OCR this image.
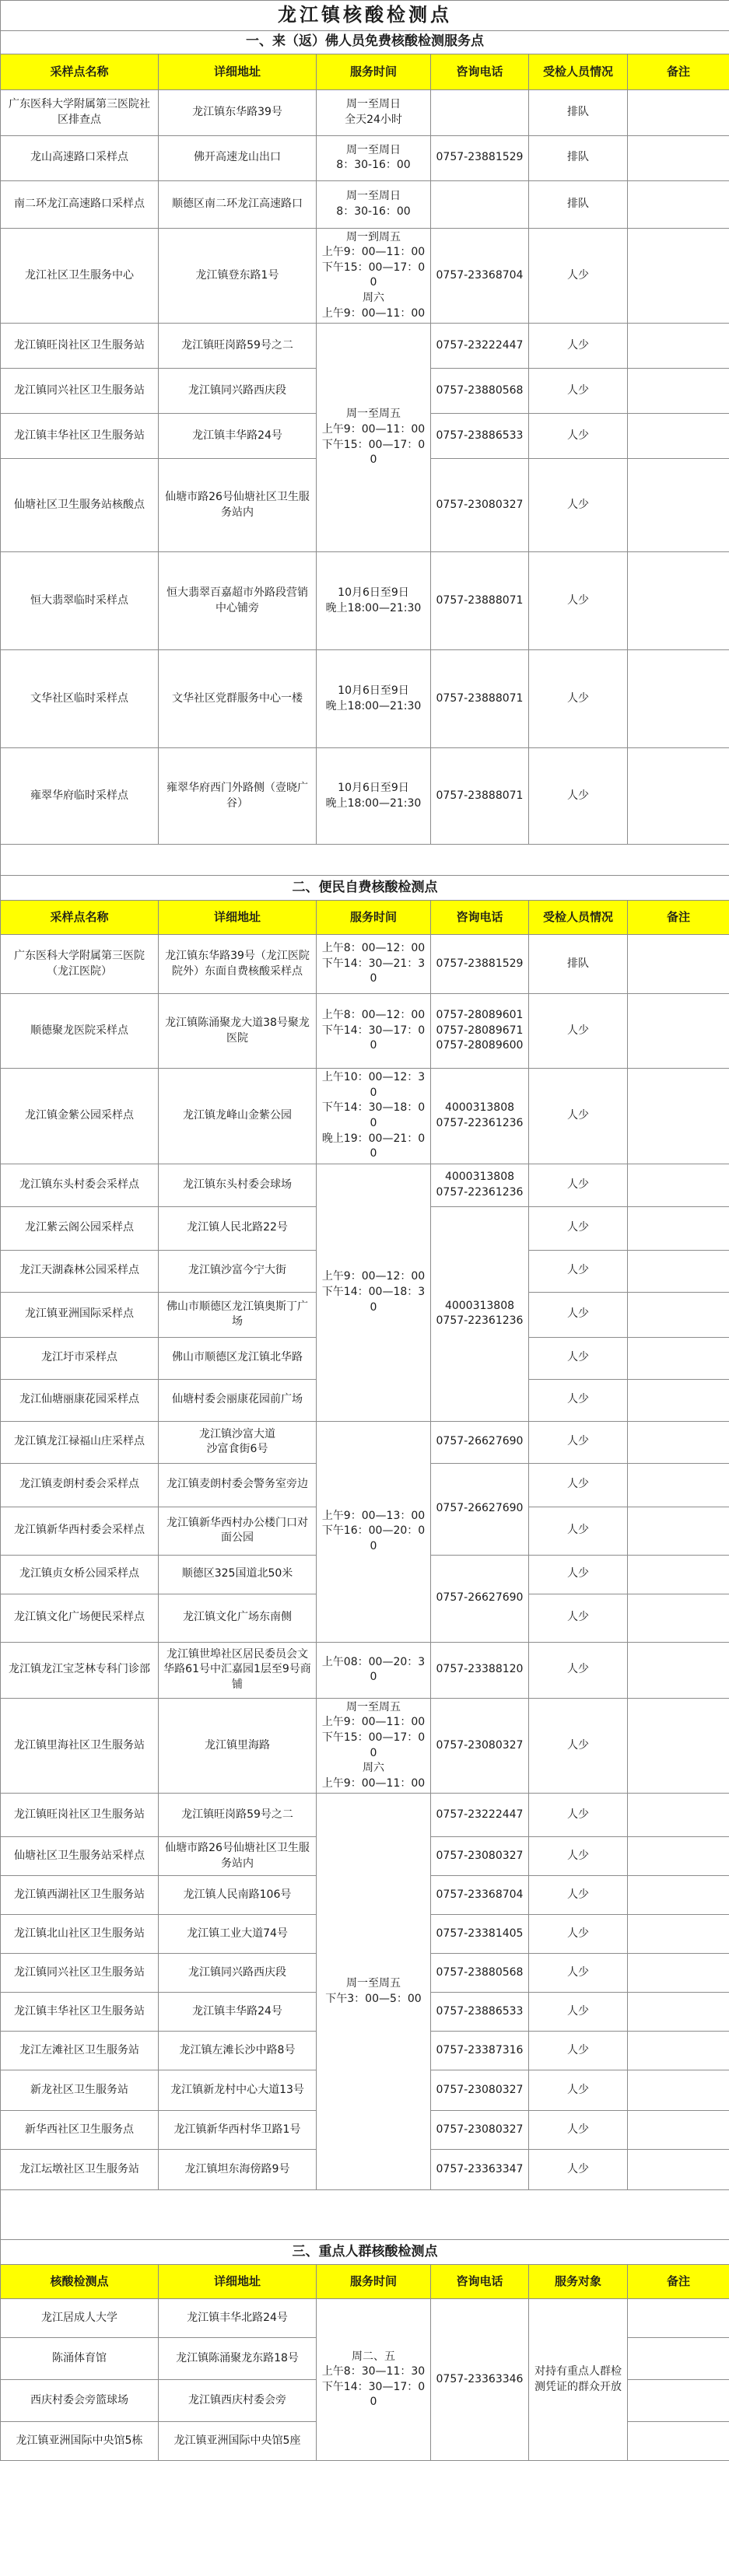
龙江镇核酸检测点					
一、来（返）佛人员免费核酸检测服务点					
采样点名称	详细地址	服务时间	咨询电话	受检人员情况	备注
广东医科大学附属第三医院社区排查点	龙江镇东华路39号	周一至周日
全天24小时		排队	
龙山高速路口采样点	佛开高速龙山出口	周一至周日
8：30-16：00	0757-23881529	排队	
南二环龙江高速路口采样点	顺德区南二环龙江高速路口	周一至周日
8：30-16：00		排队	
龙江社区卫生服务中心	龙江镇登东路1号	周一到周五
上午9：00—11：00
下午15：00—17：00
周六
上午9：00—11：00	0757-23368704	人少	
龙江镇旺岗社区卫生服务站	龙江镇旺岗路59号之二	周一至周五
上午9：00—11：00
下午15：00—17：00	0757-23222447	人少	
龙江镇同兴社区卫生服务站	龙江镇同兴路西庆段		0757-23880568	人少	
龙江镇丰华社区卫生服务站	龙江镇丰华路24号		0757-23886533	人少	
仙塘社区卫生服务站核酸点	仙塘市路26号仙塘社区卫生服务站内		0757-23080327	人少	
恒大翡翠临时采样点	恒大翡翠百嘉超市外路段营销中心铺旁	10月6日至9日
晚上18:00—21:30	0757-23888071	人少	
文华社区临时采样点	文华社区党群服务中心一楼	10月6日至9日
晚上18:00—21:30	0757-23888071	人少	
雍翠华府临时采样点	雍翠华府西门外路侧（壹晓广谷）	10月6日至9日
晚上18:00—21:30	0757-23888071	人少	

二、便民自费核酸检测点					
采样点名称	详细地址	服务时间	咨询电话	受检人员情况	备注
广东医科大学附属第三医院（龙江医院）	龙江镇东华路39号（龙江医院院外）东面自费核酸采样点	上午8：00—12：00
下午14：30—21：30	0757-23881529	排队	
顺德聚龙医院采样点	龙江镇陈涌聚龙大道38号聚龙医院	上午8：00—12：00
下午14：30—17：00	0757-28089601
0757-28089671
0757-28089600	人少	
龙江镇金紫公园采样点	龙江镇龙峰山金紫公园	上午10：00—12：30
下午14：30—18：00
晚上19：00—21：00	4000313808
0757-22361236	人少	
龙江镇东头村委会采样点	龙江镇东头村委会球场	上午9：00—12：00
下午14：00—18：30	4000313808
0757-22361236	人少	
龙江紫云阁公园采样点	龙江镇人民北路22号		4000313808
0757-22361236	人少	
龙江天湖森林公园采样点	龙江镇沙富今宁大街			人少	
龙江镇亚洲国际采样点	佛山市顺德区龙江镇奥斯丁广场			人少	
龙江圩市采样点	佛山市顺德区龙江镇北华路			人少	
龙江仙塘丽康花园采样点	仙塘村委会丽康花园前广场			人少	
龙江镇龙江禄福山庄采样点	龙江镇沙富大道
沙富食街6号	上午9：00—13：00
下午16：00—20：00	0757-26627690	人少	
龙江镇麦朗村委会采样点	龙江镇麦朗村委会警务室旁边		0757-26627690	人少	
龙江镇新华西村委会采样点	龙江镇新华西村办公楼门口对面公园			人少	
龙江镇贞女桥公园采样点	顺德区325国道北50米		0757-26627690	人少	
龙江镇文化广场便民采样点	龙江镇文化广场东南侧			人少	
龙江镇龙江宝芝林专科门诊部	龙江镇世埠社区居民委员会文华路61号中汇嘉园1层至9号商铺	上午08：00—20：30	0757-23388120	人少	
龙江镇里海社区卫生服务站	龙江镇里海路	周一至周五
上午9：00—11：00
下午15：00—17：00
周六
上午9：00—11：00	0757-23080327	人少	
龙江镇旺岗社区卫生服务站	龙江镇旺岗路59号之二	周一至周五
下午3：00—5：00	0757-23222447	人少	
仙塘社区卫生服务站采样点	仙塘市路26号仙塘社区卫生服务站内		0757-23080327	人少	
龙江镇西湖社区卫生服务站	龙江镇人民南路106号		0757-23368704	人少	
龙江镇北山社区卫生服务站	龙江镇工业大道74号		0757-23381405	人少	
龙江镇同兴社区卫生服务站	龙江镇同兴路西庆段		0757-23880568	人少	
龙江镇丰华社区卫生服务站	龙江镇丰华路24号		0757-23886533	人少	
龙江左滩社区卫生服务站	龙江镇左滩长沙中路8号		0757-23387316	人少	
新龙社区卫生服务站	龙江镇新龙村中心大道13号		0757-23080327	人少	
新华西社区卫生服务点	龙江镇新华西村华卫路1号		0757-23080327	人少	
龙江坛墩社区卫生服务站	龙江镇坦东海傍路9号		0757-23363347	人少	

三、重点人群核酸检测点					
核酸检测点	详细地址	服务时间	咨询电话	服务对象	备注
龙江居成人大学	龙江镇丰华北路24号	周二、五
上午8：30—11：30
下午14：30—17：00	0757-23363346	对持有重点人群检测凭证的群众开放	
陈涌体育馆	龙江镇陈涌聚龙东路18号				
西庆村委会旁篮球场	龙江镇西庆村委会旁				
龙江镇亚洲国际中央馆5栋	龙江镇亚洲国际中央馆5座				
